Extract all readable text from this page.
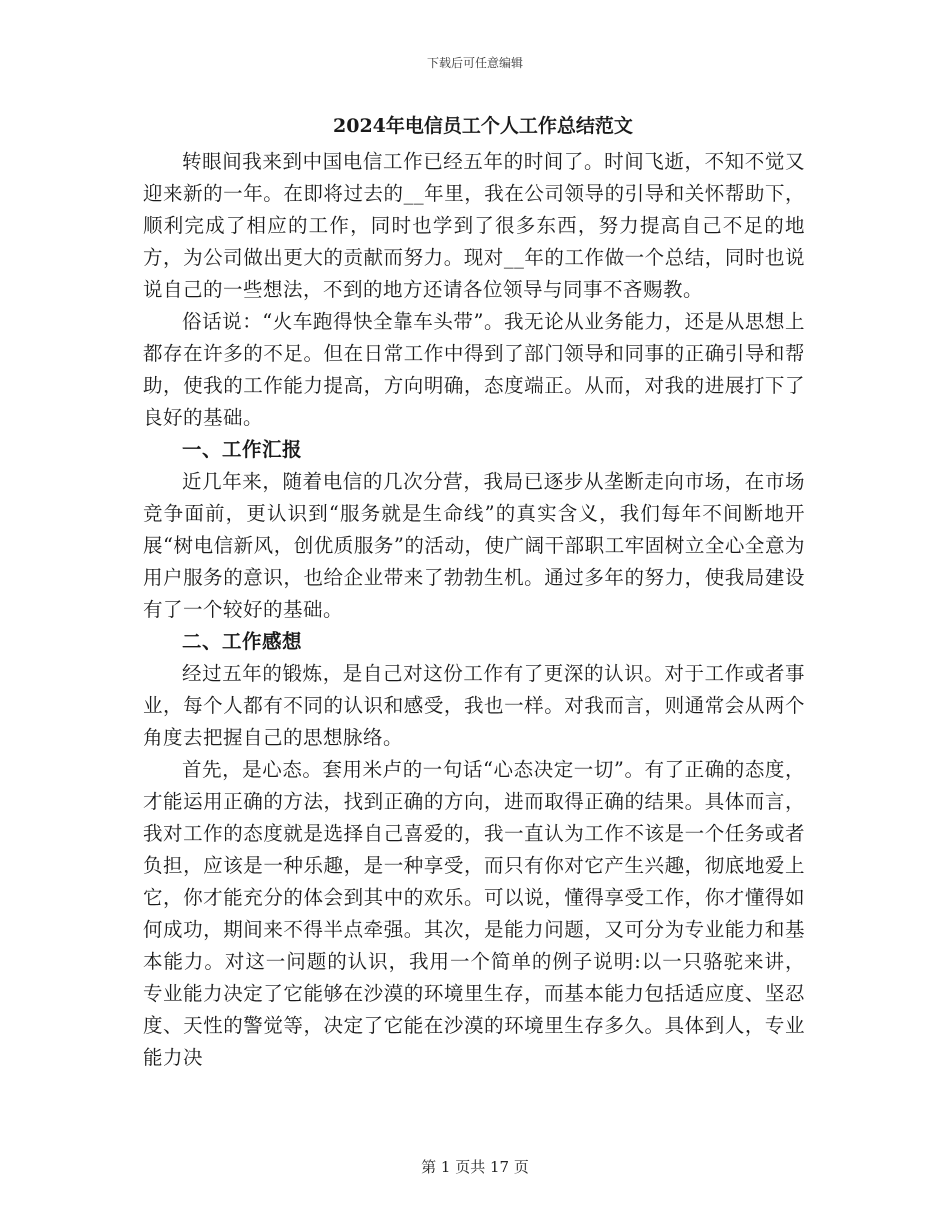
下载后可任意编辑
2024年电信员工个人工作总结范文

转眼间我来到中国电信工作已经五年的时间了。时间飞逝，不知不觉又迎来新的一年。在即将过去的__年里，我在公司领导的引导和关怀帮助下，顺利完成了相应的工作，同时也学到了很多东西，努力提高自己不足的地方，为公司做出更大的贡献而努力。现对__年的工作做一个总结，同时也说说自己的一些想法，不到的地方还请各位领导与同事不吝赐教。

俗话说：“火车跑得快全靠车头带”。我无论从业务能力，还是从思想上都存在许多的不足。但在日常工作中得到了部门领导和同事的正确引导和帮助，使我的工作能力提高，方向明确，态度端正。从而，对我的进展打下了良好的基础。

一、工作汇报

近几年来，随着电信的几次分营，我局已逐步从垄断走向市场，在市场竞争面前，更认识到“服务就是生命线”的真实含义，我们每年不间断地开展“树电信新风，创优质服务”的活动，使广阔干部职工牢固树立全心全意为用户服务的意识，也给企业带来了勃勃生机。通过多年的努力，使我局建设有了一个较好的基础。

二、工作感想

经过五年的锻炼，是自己对这份工作有了更深的认识。对于工作或者事业，每个人都有不同的认识和感受，我也一样。对我而言，则通常会从两个角度去把握自己的思想脉络。

首先，是心态。套用米卢的一句话“心态决定一切”。有了正确的态度，才能运用正确的方法，找到正确的方向，进而取得正确的结果。具体而言，我对工作的态度就是选择自己喜爱的，我一直认为工作不该是一个任务或者负担，应该是一种乐趣，是一种享受，而只有你对它产生兴趣，彻底地爱上它，你才能充分的体会到其中的欢乐。可以说，懂得享受工作，你才懂得如何成功，期间来不得半点牵强。其次，是能力问题，又可分为专业能力和基本能力。对这一问题的认识，我用一个简单的例子说明:以一只骆驼来讲，专业能力决定了它能够在沙漠的环境里生存，而基本能力包括适应度、坚忍度、天性的警觉等，决定了它能在沙漠的环境里生存多久。具体到人，专业能力决

第 1 页共 17 页
